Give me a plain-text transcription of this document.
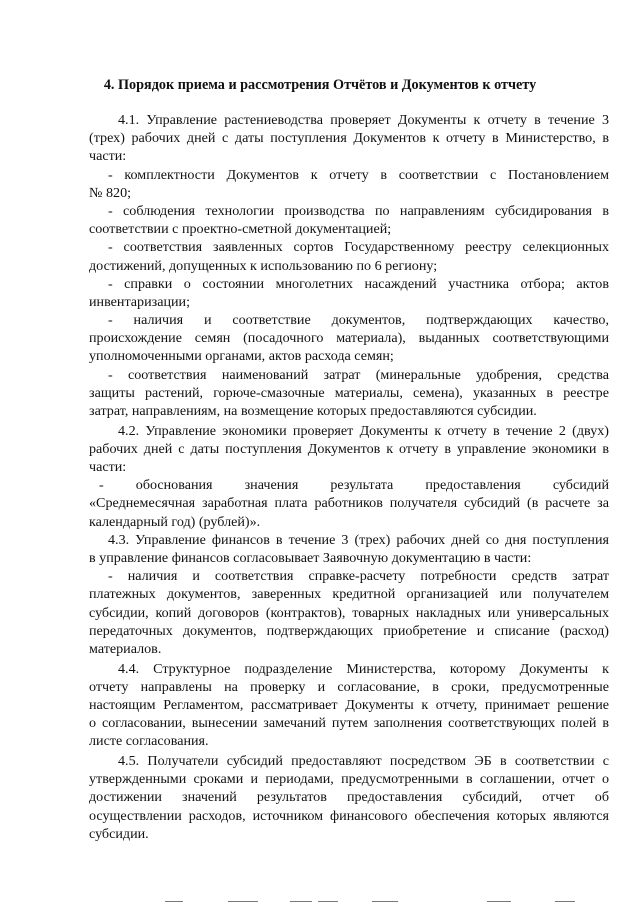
4. Порядок приема и рассмотрения Отчётов и Документов к отчету
4.1. Управление растениеводства проверяет Документы к отчету в течение 3
(трех) рабочих дней с даты поступления Документов к отчету в Министерство, в
части:
- комплектности Документов к отчету в соответствии с Постановлением
№ 820;
- соблюдения технологии производства по направлениям субсидирования в
соответствии с проектно-сметной документацией;
- соответствия заявленных сортов Государственному реестру селекционных
достижений, допущенных к использованию по 6 региону;
- справки о состоянии многолетних насаждений участника отбора; актов
инвентаризации;
- наличия и соответствие документов, подтверждающих качество,
происхождение семян (посадочного материала), выданных соответствующими
уполномоченными органами, актов расхода семян;
- соответствия наименований затрат (минеральные удобрения, средства
защиты растений, горюче-смазочные материалы, семена), указанных в реестре
затрат, направлениям, на возмещение которых предоставляются субсидии.
4.2. Управление экономики проверяет Документы к отчету в течение 2 (двух)
рабочих дней с даты поступления Документов к отчету в управление экономики в
части:
- обоснования значения результата предоставления субсидий
«Среднемесячная заработная плата работников получателя субсидий (в расчете за
календарный год) (рублей)».
4.3. Управление финансов в течение 3 (трех) рабочих дней со дня поступления
в управление финансов согласовывает Заявочную документацию в части:
- наличия и соответствия справке-расчету потребности средств затрат
платежных документов, заверенных кредитной организацией или получателем
субсидии, копий договоров (контрактов), товарных накладных или универсальных
передаточных документов, подтверждающих приобретение и списание (расход)
материалов.
4.4. Структурное подразделение Министерства, которому Документы к
отчету направлены на проверку и согласование, в сроки, предусмотренные
настоящим Регламентом, рассматривает Документы к отчету, принимает решение
о согласовании, вынесении замечаний путем заполнения соответствующих полей в
листе согласования.
4.5. Получатели субсидий предоставляют посредством ЭБ в соответствии с
утвержденными сроками и периодами, предусмотренными в соглашении, отчет о
достижении значений результатов предоставления субсидий, отчет об
осуществлении расходов, источником финансового обеспечения которых являются
субсидии.
